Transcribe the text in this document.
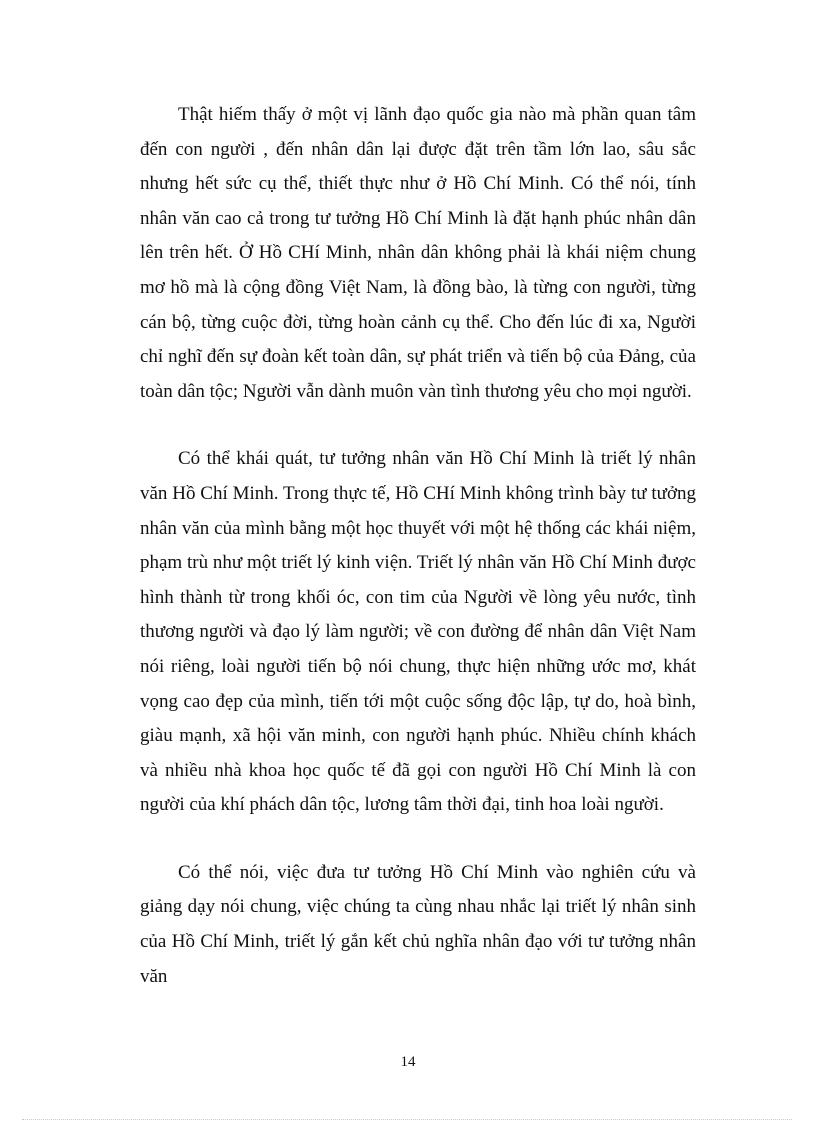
Thật hiếm thấy ở một vị lãnh đạo quốc gia nào mà phần quan tâm đến con người , đến nhân dân lại được đặt trên tầm lớn lao, sâu sắc nhưng hết sức cụ thể, thiết thực như ở Hồ Chí Minh. Có thể nói, tính nhân văn cao cả trong tư tưởng Hồ Chí Minh là đặt hạnh phúc nhân dân lên trên hết. Ở Hồ CHí Minh, nhân dân không phải là khái niệm chung mơ hồ mà là cộng đồng Việt Nam, là đồng bào, là từng con người, từng cán bộ, từng cuộc đời, từng hoàn cảnh cụ thể. Cho đến lúc đi xa, Người chỉ nghĩ đến sự đoàn kết toàn dân, sự phát triển và tiến bộ của Đảng, của toàn dân tộc; Người vẫn dành muôn vàn tình thương yêu cho mọi người.

Có thể khái quát, tư tưởng nhân văn Hồ Chí Minh là triết lý nhân văn Hồ Chí Minh. Trong thực tế, Hồ CHí Minh không trình bày tư tưởng nhân văn của mình bằng một học thuyết với một hệ thống các khái niệm, phạm trù như một triết lý kinh viện. Triết lý nhân văn Hồ Chí Minh được hình thành từ trong khối óc, con tim của Người về lòng yêu nước, tình thương người và đạo lý làm người; về con đường để nhân dân Việt Nam nói riêng, loài người tiến bộ nói chung, thực hiện những ước mơ, khát vọng cao đẹp của mình, tiến tới một cuộc sống độc lập, tự do, hoà bình, giàu mạnh, xã hội văn minh, con người hạnh phúc. Nhiều chính khách và nhiều nhà khoa học quốc tế đã gọi con người Hồ Chí Minh là con người của khí phách dân tộc, lương tâm thời đại, tinh hoa loài người.

Có thể nói, việc đưa tư tưởng Hồ Chí Minh vào nghiên cứu và giảng dạy nói chung, việc chúng ta cùng nhau nhắc lại triết lý nhân sinh của Hồ Chí Minh, triết lý gắn kết chủ nghĩa nhân đạo với tư tưởng nhân văn

14
